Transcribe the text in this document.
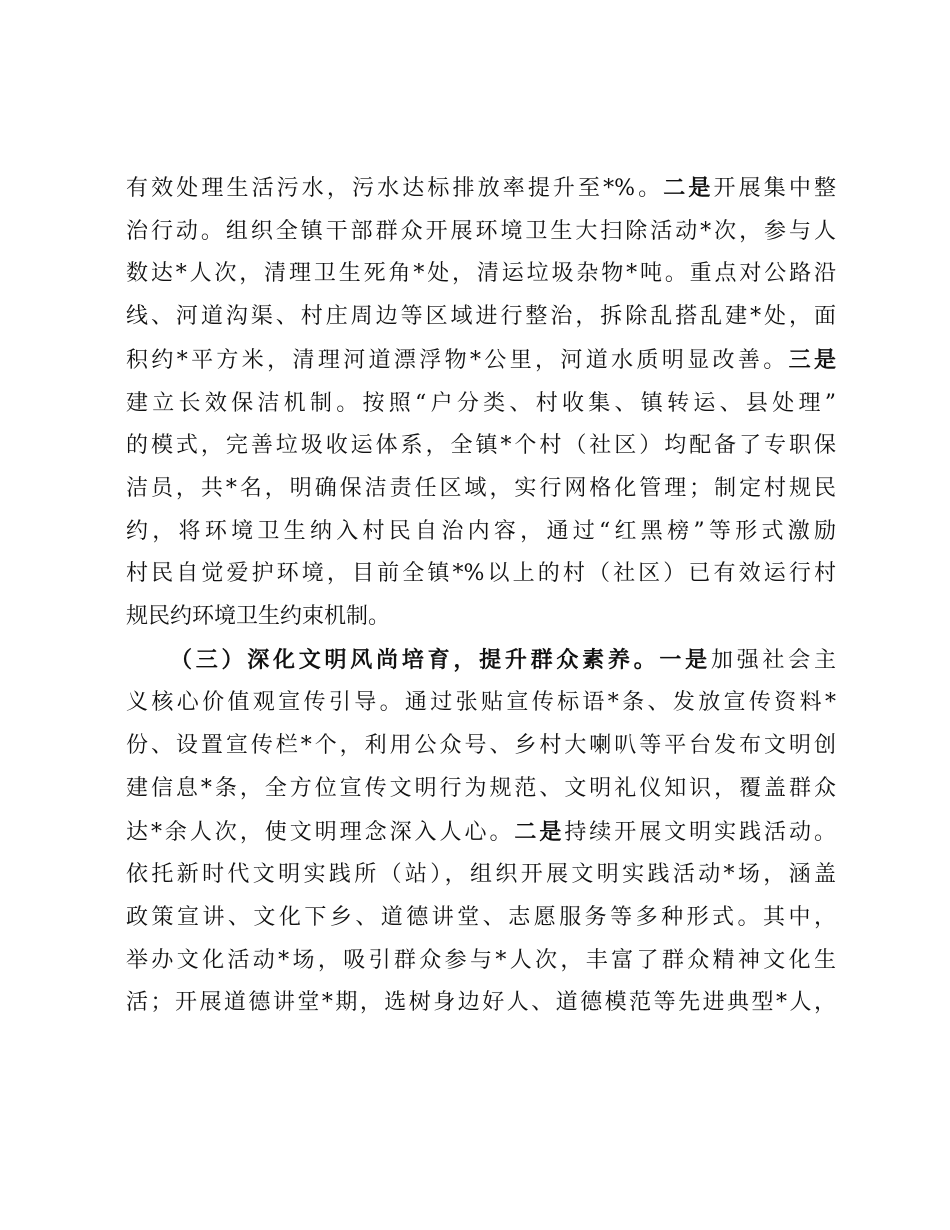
有效处理生活污水，污水达标排放率提升至*%。二是开展集中整
治行动。组织全镇干部群众开展环境卫生大扫除活动*次，参与人
数达*人次，清理卫生死角*处，清运垃圾杂物*吨。重点对公路沿
线、河道沟渠、村庄周边等区域进行整治，拆除乱搭乱建*处，面
积约*平方米，清理河道漂浮物*公里，河道水质明显改善。三是
建立长效保洁机制。按照“户分类、村收集、镇转运、县处理”
的模式，完善垃圾收运体系，全镇*个村（社区）均配备了专职保
洁员，共*名，明确保洁责任区域，实行网格化管理；制定村规民
约，将环境卫生纳入村民自治内容，通过“红黑榜”等形式激励
村民自觉爱护环境，目前全镇*%以上的村（社区）已有效运行村
规民约环境卫生约束机制。
（三）深化文明风尚培育，提升群众素养。一是加强社会主
义核心价值观宣传引导。通过张贴宣传标语*条、发放宣传资料*
份、设置宣传栏*个，利用公众号、乡村大喇叭等平台发布文明创
建信息*条，全方位宣传文明行为规范、文明礼仪知识，覆盖群众
达*余人次，使文明理念深入人心。二是持续开展文明实践活动。
依托新时代文明实践所（站），组织开展文明实践活动*场，涵盖
政策宣讲、文化下乡、道德讲堂、志愿服务等多种形式。其中，
举办文化活动*场，吸引群众参与*人次，丰富了群众精神文化生
活；开展道德讲堂*期，选树身边好人、道德模范等先进典型*人，
